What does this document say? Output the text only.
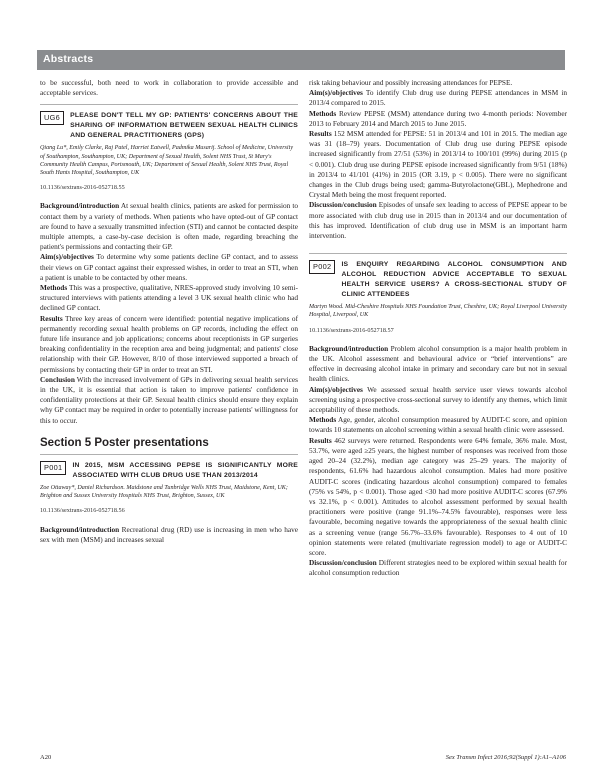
Abstracts

to be successful, both need to work in collaboration to provide accessible and acceptable services.

UG6	PLEASE DON'T TELL MY GP: PATIENTS' CONCERNS ABOUT THE SHARING OF INFORMATION BETWEEN SEXUAL HEALTH CLINICS AND GENERAL PRACTITIONERS (GPS)

Qiang Lu*, Emily Clarke, Raj Patel, Harriet Eatwell, Padmika Musarij. School of Medicine, University of Southampton, Southampton, UK; Department of Sexual Health, Solent NHS Trust, St Mary's Community Health Campus, Portsmouth, UK; Department of Sexual Health, Solent NHS Trust, Royal South Hants Hospital, Southampton, UK

10.1136/sextrans-2016-052718.55

Background/introduction At sexual health clinics, patients are asked for permission to contact them by a variety of methods. When patients who have opted-out of GP contact are found to have a sexually transmitted infection (STI) and cannot be contacted despite multiple attempts, a case-by-case decision is often made, regarding breaching the patient's permissions and contacting their GP.

Aim(s)/objectives To determine why some patients decline GP contact, and to assess their views on GP contact against their expressed wishes, in order to treat an STI, when a patient is unable to be contacted by other means.

Methods This was a prospective, qualitative, NRES-approved study involving 10 semi-structured interviews with patients attending a level 3 UK sexual health clinic who had declined GP contact.

Results Three key areas of concern were identified: potential negative implications of permanently recording sexual health problems on GP records, including the effect on future life insurance and job applications; concerns about receptionists in GP surgeries breaking confidentiality in the reception area and being judgmental; and patients' close relationship with their GP. However, 8/10 of those interviewed supported a breach of permissions by contacting their GP in order to treat an STI.

Conclusion With the increased involvement of GPs in delivering sexual health services in the UK, it is essential that action is taken to improve patients' confidence in confidentiality protections at their GP. Sexual health clinics should ensure they explain why GP contact may be required in order to potentially increase patients' willingness for this to occur.

Section 5 Poster presentations
P001	IN 2015, MSM ACCESSING PEPSE IS SIGNIFICANTLY MORE ASSOCIATED WITH CLUB DRUG USE THAN 2013/2014

Zoe Ottaway*, Daniel Richardson. Maidstone and Tunbridge Wells NHS Trust, Maidstone, Kent, UK; Brighton and Sussex University Hospitals NHS Trust, Brighton, Sussex, UK

10.1136/sextrans-2016-052718.56

Background/introduction Recreational drug (RD) use is increasing in men who have sex with men (MSM) and increases sexual

risk taking behaviour and possibly increasing attendances for PEPSE.

Aim(s)/objectives To identify Club drug use during PEPSE attendances in MSM in 2013/4 compared to 2015.

Methods Review PEPSE (MSM) attendance during two 4-month periods: November 2013 to February 2014 and March 2015 to June 2015.

Results 152 MSM attended for PEPSE: 51 in 2013/4 and 101 in 2015. The median age was 31 (18–79) years. Documentation of Club drug use during PEPSE episode increased significantly from 27/51 (53%) in 2013/14 to 100/101 (99%) during 2015 (p < 0.001). Club drug use during PEPSE episode increased significantly from 9/51 (18%) in 2013/4 to 41/101 (41%) in 2015 (OR 3.19, p < 0.005). There were no significant changes in the Club drugs being used; gamma-Butyrolactone(GBL), Mephedrone and Crystal Meth being the most frequent reported.

Discussion/conclusion Episodes of unsafe sex leading to access of PEPSE appear to be more associated with club drug use in 2015 than in 2013/4 and our documentation of this has improved. Identification of club drug use in MSM is an important harm intervention.

P002	IS ENQUIRY REGARDING ALCOHOL CONSUMPTION AND ALCOHOL REDUCTION ADVICE ACCEPTABLE TO SEXUAL HEALTH SERVICE USERS? A CROSS-SECTIONAL STUDY OF CLINIC ATTENDEES

Martyn Wood. Mid-Cheshire Hospitals NHS Foundation Trust, Cheshire, UK; Royal Liverpool University Hospital, Liverpool, UK

10.1136/sextrans-2016-052718.57

Background/introduction Problem alcohol consumption is a major health problem in the UK. Alcohol assessment and behavioural advice or “brief interventions” are effective in decreasing alcohol intake in primary and secondary care but not in sexual health clinics.

Aim(s)/objectives We assessed sexual health service user views towards alcohol screening using a prospective cross-sectional survey to identify any themes, which limit acceptability of these methods.

Methods Age, gender, alcohol consumption measured by AUDIT-C score, and opinion towards 10 statements on alcohol screening within a sexual health clinic were assessed.

Results 462 surveys were returned. Respondents were 64% female, 36% male. Most, 53.7%, were aged ≥25 years, the highest number of responses was received from those aged 20–24 (32.2%), median age category was 25–29 years. The majority of respondents, 61.6% had hazardous alcohol consumption. Males had more positive AUDIT-C scores (indicating hazardous alcohol consumption) compared to females (75% vs 54%, p < 0.001). Those aged <30 had more positive AUDIT-C scores (67.9% vs 32.1%, p < 0.001). Attitudes to alcohol assessment performed by sexual health practitioners were positive (range 91.1%–74.5% favourable), responses were less favourable, becoming negative towards the appropriateness of the sexual health clinic as a screening venue (range 56.7%–33.6% favourable). Responses to 4 out of 10 opinion statements were related (multivariate regression model) to age or AUDIT-C score.

Discussion/conclusion Different strategies need to be explored within sexual health for alcohol consumption reduction

A20	Sex Transm Infect 2016;92(Suppl 1):A1–A106
